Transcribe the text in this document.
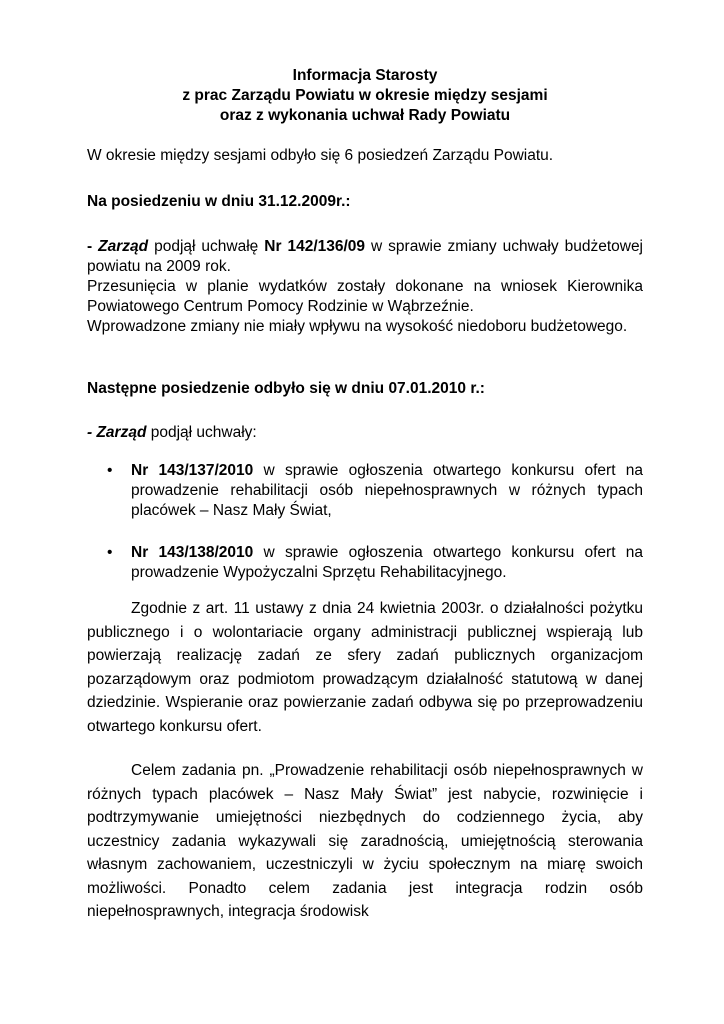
Informacja Starosty

z prac Zarządu Powiatu w okresie między sesjami

oraz z wykonania uchwał Rady Powiatu

W okresie między sesjami odbyło się 6 posiedzeń Zarządu Powiatu.

Na posiedzeniu w dniu 31.12.2009r.:

- Zarząd podjął uchwałę Nr 142/136/09 w sprawie zmiany uchwały budżetowej powiatu na 2009 rok.

Przesunięcia w planie wydatków zostały dokonane na wniosek Kierownika Powiatowego Centrum Pomocy Rodzinie w Wąbrzeźnie.

Wprowadzone zmiany nie miały wpływu na wysokość niedoboru budżetowego.

Następne posiedzenie odbyło się w dniu 07.01.2010 r.:

- Zarząd podjął uchwały:

• Nr 143/137/2010 w sprawie ogłoszenia otwartego konkursu ofert na prowadzenie rehabilitacji osób niepełnosprawnych w różnych typach placówek – Nasz Mały Świat,
• Nr 143/138/2010 w sprawie ogłoszenia otwartego konkursu ofert na prowadzenie Wypożyczalni Sprzętu Rehabilitacyjnego.

Zgodnie z art. 11 ustawy z dnia 24 kwietnia 2003r. o działalności pożytku publicznego i o wolontariacie organy administracji publicznej wspierają lub powierzają realizację zadań ze sfery zadań publicznych organizacjom pozarządowym oraz podmiotom prowadzącym działalność statutową w danej dziedzinie. Wspieranie oraz powierzanie zadań odbywa się po przeprowadzeniu otwartego konkursu ofert.

Celem zadania pn. „Prowadzenie rehabilitacji osób niepełnosprawnych w różnych typach placówek – Nasz Mały Świat” jest nabycie, rozwinięcie i podtrzymywanie umiejętności niezbędnych do codziennego życia, aby uczestnicy zadania wykazywali się zaradnością, umiejętnością sterowania własnym zachowaniem, uczestniczyli w życiu społecznym na miarę swoich możliwości. Ponadto celem zadania jest integracja rodzin osób niepełnosprawnych, integracja środowisk
